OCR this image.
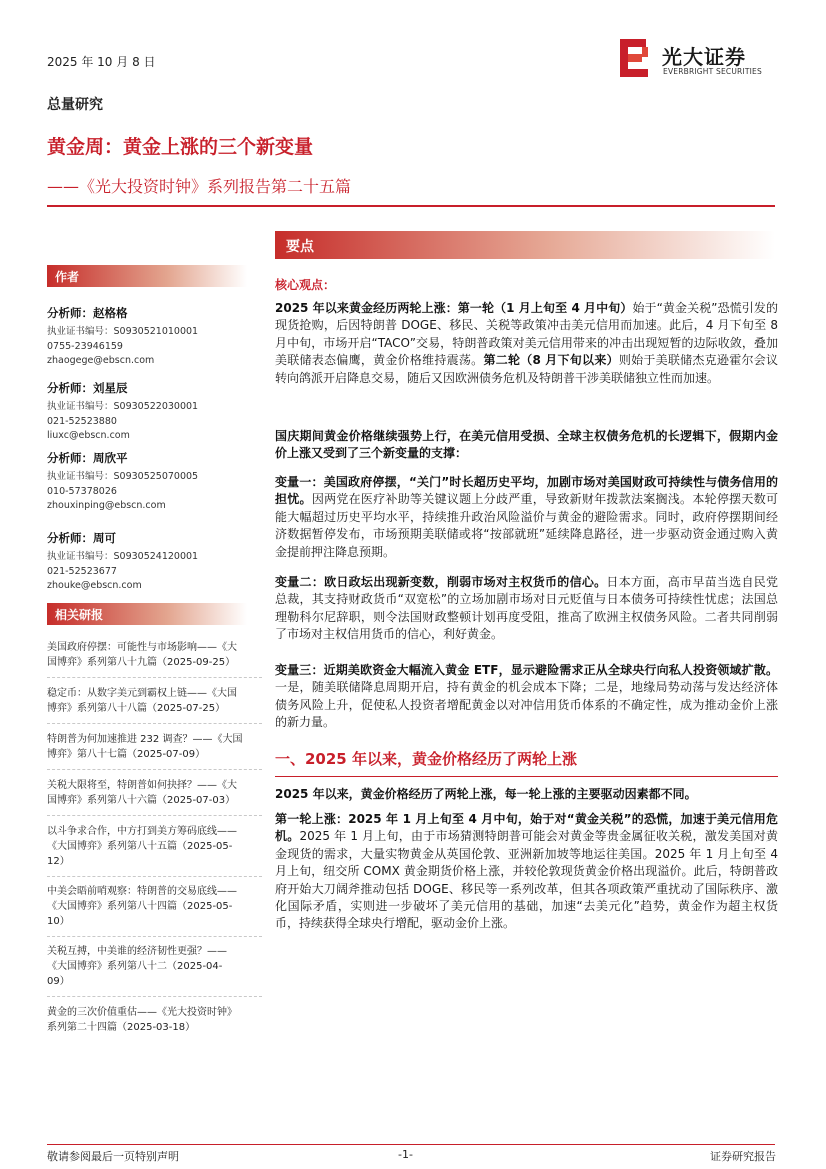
2025 年 10 月 8 日	光大证券
EVERBRIGHT SECURITIES
总量研究
黄金周：黄金上涨的三个新变量
——《光大投资时钟》系列报告第二十五篇
作者
分析师：赵格格
执业证书编号：S0930521010001
0755-23946159
zhaogege@ebscn.com
分析师：刘星辰
执业证书编号：S0930522030001
021-52523880
liuxc@ebscn.com
分析师：周欣平
执业证书编号：S0930525070005
010-57378026
zhouxinping@ebscn.com
分析师：周可
执业证书编号：S0930524120001
021-52523677
zhouke@ebscn.com
相关研报
美国政府停摆：可能性与市场影响——《大
国博弈》系列第八十九篇（2025-09-25）
稳定币：从数字美元到霸权上链——《大国
博弈》系列第八十八篇（2025-07-25）
特朗普为何加速推进 232 调查？——《大国
博弈》第八十七篇（2025-07-09）
关税大限将至，特朗普如何抉择？——《大
国博弈》系列第八十六篇（2025-07-03）
以斗争求合作，中方打到美方筹码底线——
《大国博弈》系列第八十五篇（2025-05-
12）
中美会晤前哨观察：特朗普的交易底线——
《大国博弈》系列第八十四篇（2025-05-
10）
关税互搏，中美谁的经济韧性更强？——
《大国博弈》系列第八十二（2025-04-
09）
黄金的三次价值重估——《光大投资时钟》
系列第二十四篇（2025-03-18）
要点
核心观点：
2025 年以来黄金经历两轮上涨：第一轮（1 月上旬至 4 月中旬）始于“黄金关税”恐慌引发的现货抢购，后因特朗普 DOGE、移民、关税等政策冲击美元信用而加速。此后，4 月下旬至 8 月中旬，市场开启“TACO”交易，特朗普政策对美元信用带来的冲击出现短暂的边际收敛，叠加美联储表态偏鹰，黄金价格维持震荡。第二轮（8 月下旬以来）则始于美联储杰克逊霍尔会议转向鸽派开启降息交易，随后又因欧洲债务危机及特朗普干涉美联储独立性而加速。
国庆期间黄金价格继续强势上行，在美元信用受损、全球主权债务危机的长逻辑下，假期内金价上涨又受到了三个新变量的支撑：
变量一：美国政府停摆，“关门”时长超历史平均，加剧市场对美国财政可持续性与债务信用的担忧。因两党在医疗补助等关键议题上分歧严重，导致新财年拨款法案搁浅。本轮停摆天数可能大幅超过历史平均水平，持续推升政治风险溢价与黄金的避险需求。同时，政府停摆期间经济数据暂停发布，市场预期美联储或将“按部就班”延续降息路径，进一步驱动资金通过购入黄金提前押注降息预期。
变量二：欧日政坛出现新变数，削弱市场对主权货币的信心。日本方面，高市早苗当选自民党总裁，其支持财政货币“双宽松”的立场加剧市场对日元贬值与日本债务可持续性忧虑；法国总理勒科尔尼辞职，则令法国财政整顿计划再度受阻，推高了欧洲主权债务风险。二者共同削弱了市场对主权信用货币的信心，利好黄金。
变量三：近期美欧资金大幅流入黄金 ETF，显示避险需求正从全球央行向私人投资领域扩散。一是，随美联储降息周期开启，持有黄金的机会成本下降；二是，地缘局势动荡与发达经济体债务风险上升，促使私人投资者增配黄金以对冲信用货币体系的不确定性，成为推动金价上涨的新力量。
一、2025 年以来，黄金价格经历了两轮上涨
2025 年以来，黄金价格经历了两轮上涨，每一轮上涨的主要驱动因素都不同。
第一轮上涨：2025 年 1 月上旬至 4 月中旬，始于对“黄金关税”的恐慌，加速于美元信用危机。2025 年 1 月上旬，由于市场猜测特朗普可能会对黄金等贵金属征收关税，激发美国对黄金现货的需求，大量实物黄金从英国伦敦、亚洲新加坡等地运往美国。2025 年 1 月上旬至 4 月上旬，纽交所 COMX 黄金期货价格上涨，并较伦敦现货黄金价格出现溢价。此后，特朗普政府开始大刀阔斧推动包括 DOGE、移民等一系列改革，但其各项政策严重扰动了国际秩序、激化国际矛盾，实则进一步破坏了美元信用的基础，加速“去美元化”趋势，黄金作为超主权货币，持续获得全球央行增配，驱动金价上涨。
敬请参阅最后一页特别声明	-1-	证券研究报告
